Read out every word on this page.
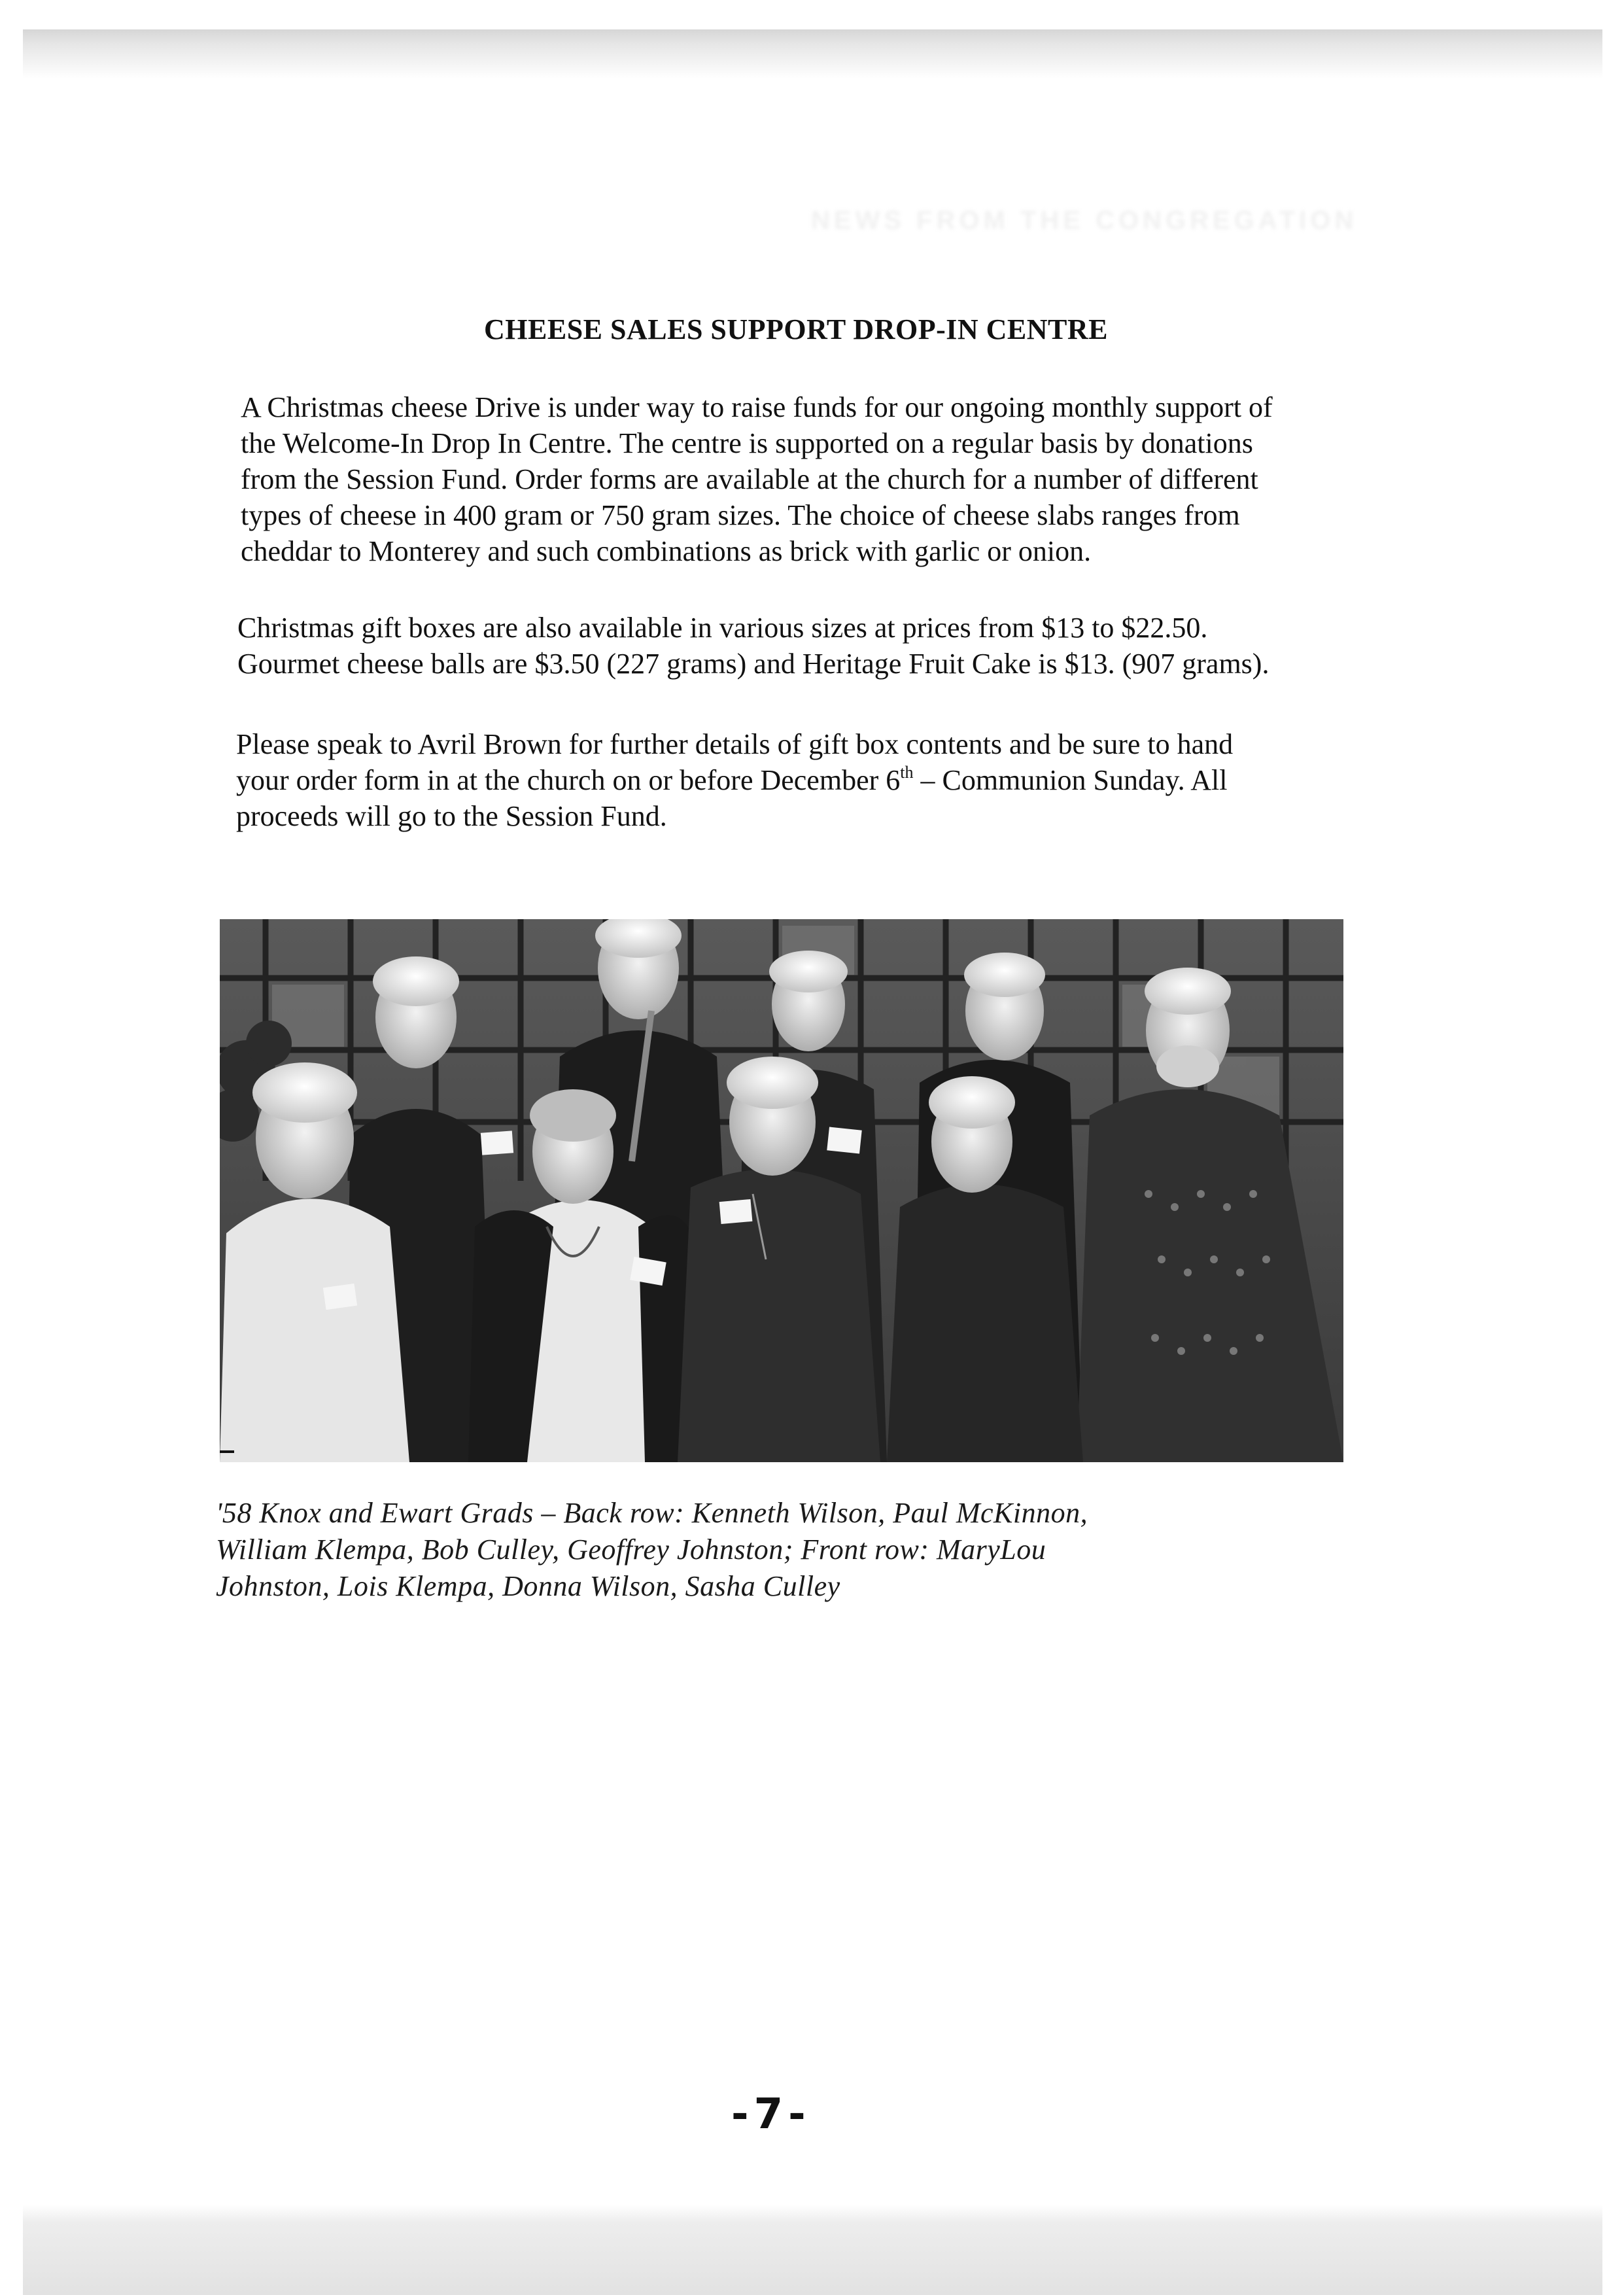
NEWS FROM THE CONGREGATION
CHEESE SALES SUPPORT DROP-IN CENTRE

A Christmas cheese Drive is under way to raise funds for our ongoing monthly support of
the Welcome-In Drop In Centre. The centre is supported on a regular basis by donations
from the Session Fund. Order forms are available at the church for a number of different
types of cheese in 400 gram or 750 gram sizes. The choice of cheese slabs ranges from
cheddar to Monterey and such combinations as brick with garlic or onion.

Christmas gift boxes are also available in various sizes at prices from $13 to $22.50.
Gourmet cheese balls are $3.50 (227 grams) and Heritage Fruit Cake is $13. (907 grams).

Please speak to Avril Brown for further details of gift box contents and be sure to hand
your order form in at the church on or before December 6th – Communion Sunday. All
proceeds will go to the Session Fund.

'58 Knox and Ewart Grads – Back row: Kenneth Wilson, Paul McKinnon,
William Klempa, Bob Culley, Geoffrey Johnston; Front row: MaryLou
Johnston, Lois Klempa, Donna Wilson, Sasha Culley

-7-
